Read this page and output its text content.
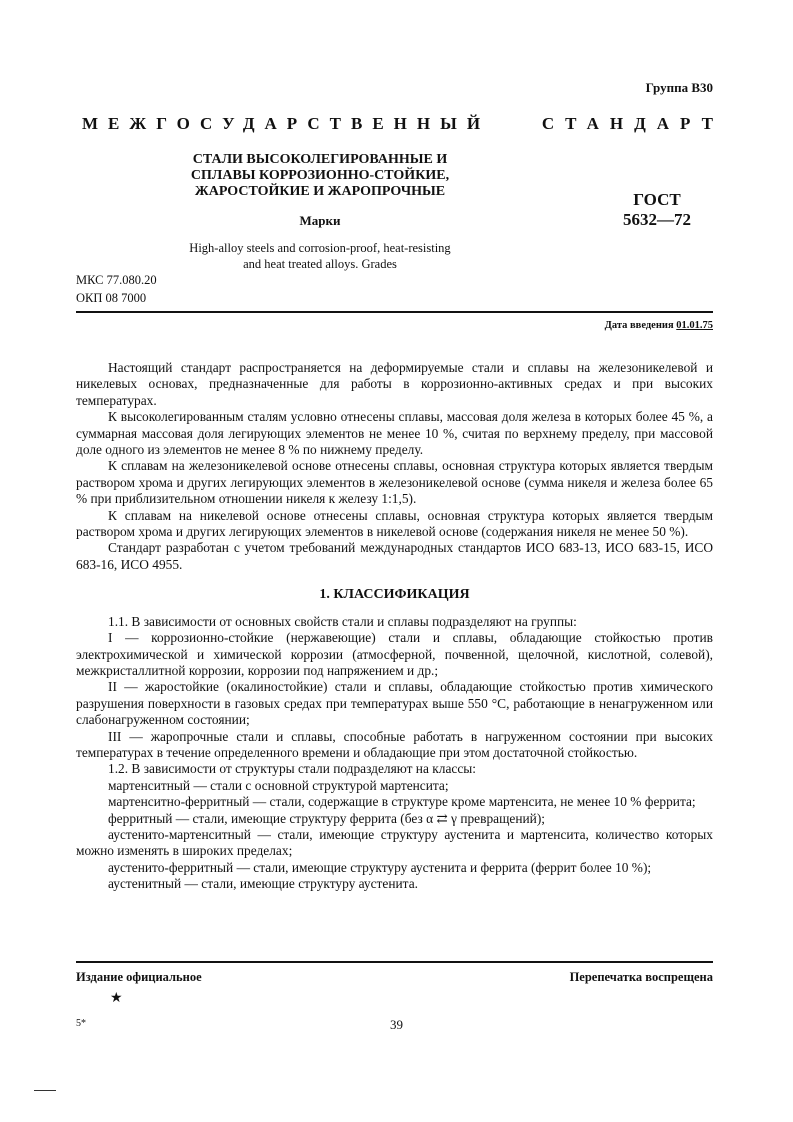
Группа В30
МЕЖГОСУДАРСТВЕННЫЙ	СТАНДАРТ
СТАЛИ ВЫСОКОЛЕГИРОВАННЫЕ И
СПЛАВЫ КОРРОЗИОННО-СТОЙКИЕ,
ЖАРОСТОЙКИЕ И ЖАРОПРОЧНЫЕ
Марки
ГОСТ
5632—72
High-alloy steels and corrosion-proof, heat-resisting
and heat treated alloys. Grades
МКС 77.080.20
ОКП 08 7000
Дата введения 01.01.75

Настоящий стандарт распространяется на деформируемые стали и сплавы на железоникелевой и никелевых основах, предназначенные для работы в коррозионно-активных средах и при высоких температурах.

К высоколегированным сталям условно отнесены сплавы, массовая доля железа в которых более 45 %, а суммарная массовая доля легирующих элементов не менее 10 %, считая по верхнему пределу, при массовой доле одного из элементов не менее 8 % по нижнему пределу.

К сплавам на железоникелевой основе отнесены сплавы, основная структура которых является твердым раствором хрома и других легирующих элементов в железоникелевой основе (сумма никеля и железа более 65 % при приблизительном отношении никеля к железу 1:1,5).

К сплавам на никелевой основе отнесены сплавы, основная структура которых является твердым раствором хрома и других легирующих элементов в никелевой основе (содержания никеля не менее 50 %).

Стандарт разработан с учетом требований международных стандартов ИСО 683-13, ИСО 683-15, ИСО 683-16, ИСО 4955.

1. КЛАССИФИКАЦИЯ

1.1. В зависимости от основных свойств стали и сплавы подразделяют на группы:

I — коррозионно-стойкие (нержавеющие) стали и сплавы, обладающие стойкостью против электрохимической и химической коррозии (атмосферной, почвенной, щелочной, кислотной, солевой), межкристаллитной коррозии, коррозии под напряжением и др.;

II — жаростойкие (окалиностойкие) стали и сплавы, обладающие стойкостью против химического разрушения поверхности в газовых средах при температурах выше 550 °С, работающие в ненагруженном или слабонагруженном состоянии;

III — жаропрочные стали и сплавы, способные работать в нагруженном состоянии при высоких температурах в течение определенного времени и обладающие при этом достаточной стойкостью.

1.2. В зависимости от структуры стали подразделяют на классы:

мартенситный — стали с основной структурой мартенсита;

мартенситно-ферритный — стали, содержащие в структуре кроме мартенсита, не менее 10 % феррита;

ферритный — стали, имеющие структуру феррита (без α ⇄ γ превращений);

аустенито-мартенситный — стали, имеющие структуру аустенита и мартенсита, количество которых можно изменять в широких пределах;

аустенито-ферритный — стали, имеющие структуру аустенита и феррита (феррит более 10 %);

аустенитный — стали, имеющие структуру аустенита.

Издание официальное	Перепечатка воспрещена
★
5*	39
